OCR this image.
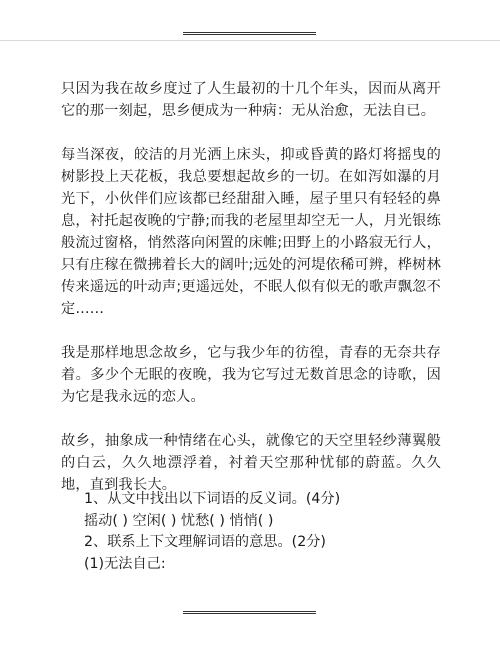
只因为我在故乡度过了人生最初的十几个年头，因而从离开它的那一刻起，思乡便成为一种病：无从治愈，无法自已。

每当深夜，皎洁的月光洒上床头，抑或昏黄的路灯将摇曳的树影投上天花板，我总要想起故乡的一切。在如泻如瀑的月光下，小伙伴们应该都已经甜甜入睡，屋子里只有轻轻的鼻息，衬托起夜晚的宁静;而我的老屋里却空无一人，月光银练般流过窗格，悄然落向闲置的床帷;田野上的小路寂无行人，只有庄稼在微拂着长大的阔叶;远处的河堤依稀可辨，桦树林传来遥远的叶动声;更遥远处，不眠人似有似无的歌声飘忽不定……

我是那样地思念故乡，它与我少年的彷徨，青春的无奈共存着。多少个无眠的夜晚，我为它写过无数首思念的诗歌，因为它是我永远的恋人。

故乡，抽象成一种情绪在心头，就像它的天空里轻纱薄翼般的白云，久久地漂浮着，衬着天空那种忧郁的蔚蓝。久久地，直到我长大。

1、从文中找出以下词语的反义词。(4分)

摇动( ) 空闲( ) 忧愁( ) 悄悄( )

2、联系上下文理解词语的意思。(2分)

(1)无法自己:
